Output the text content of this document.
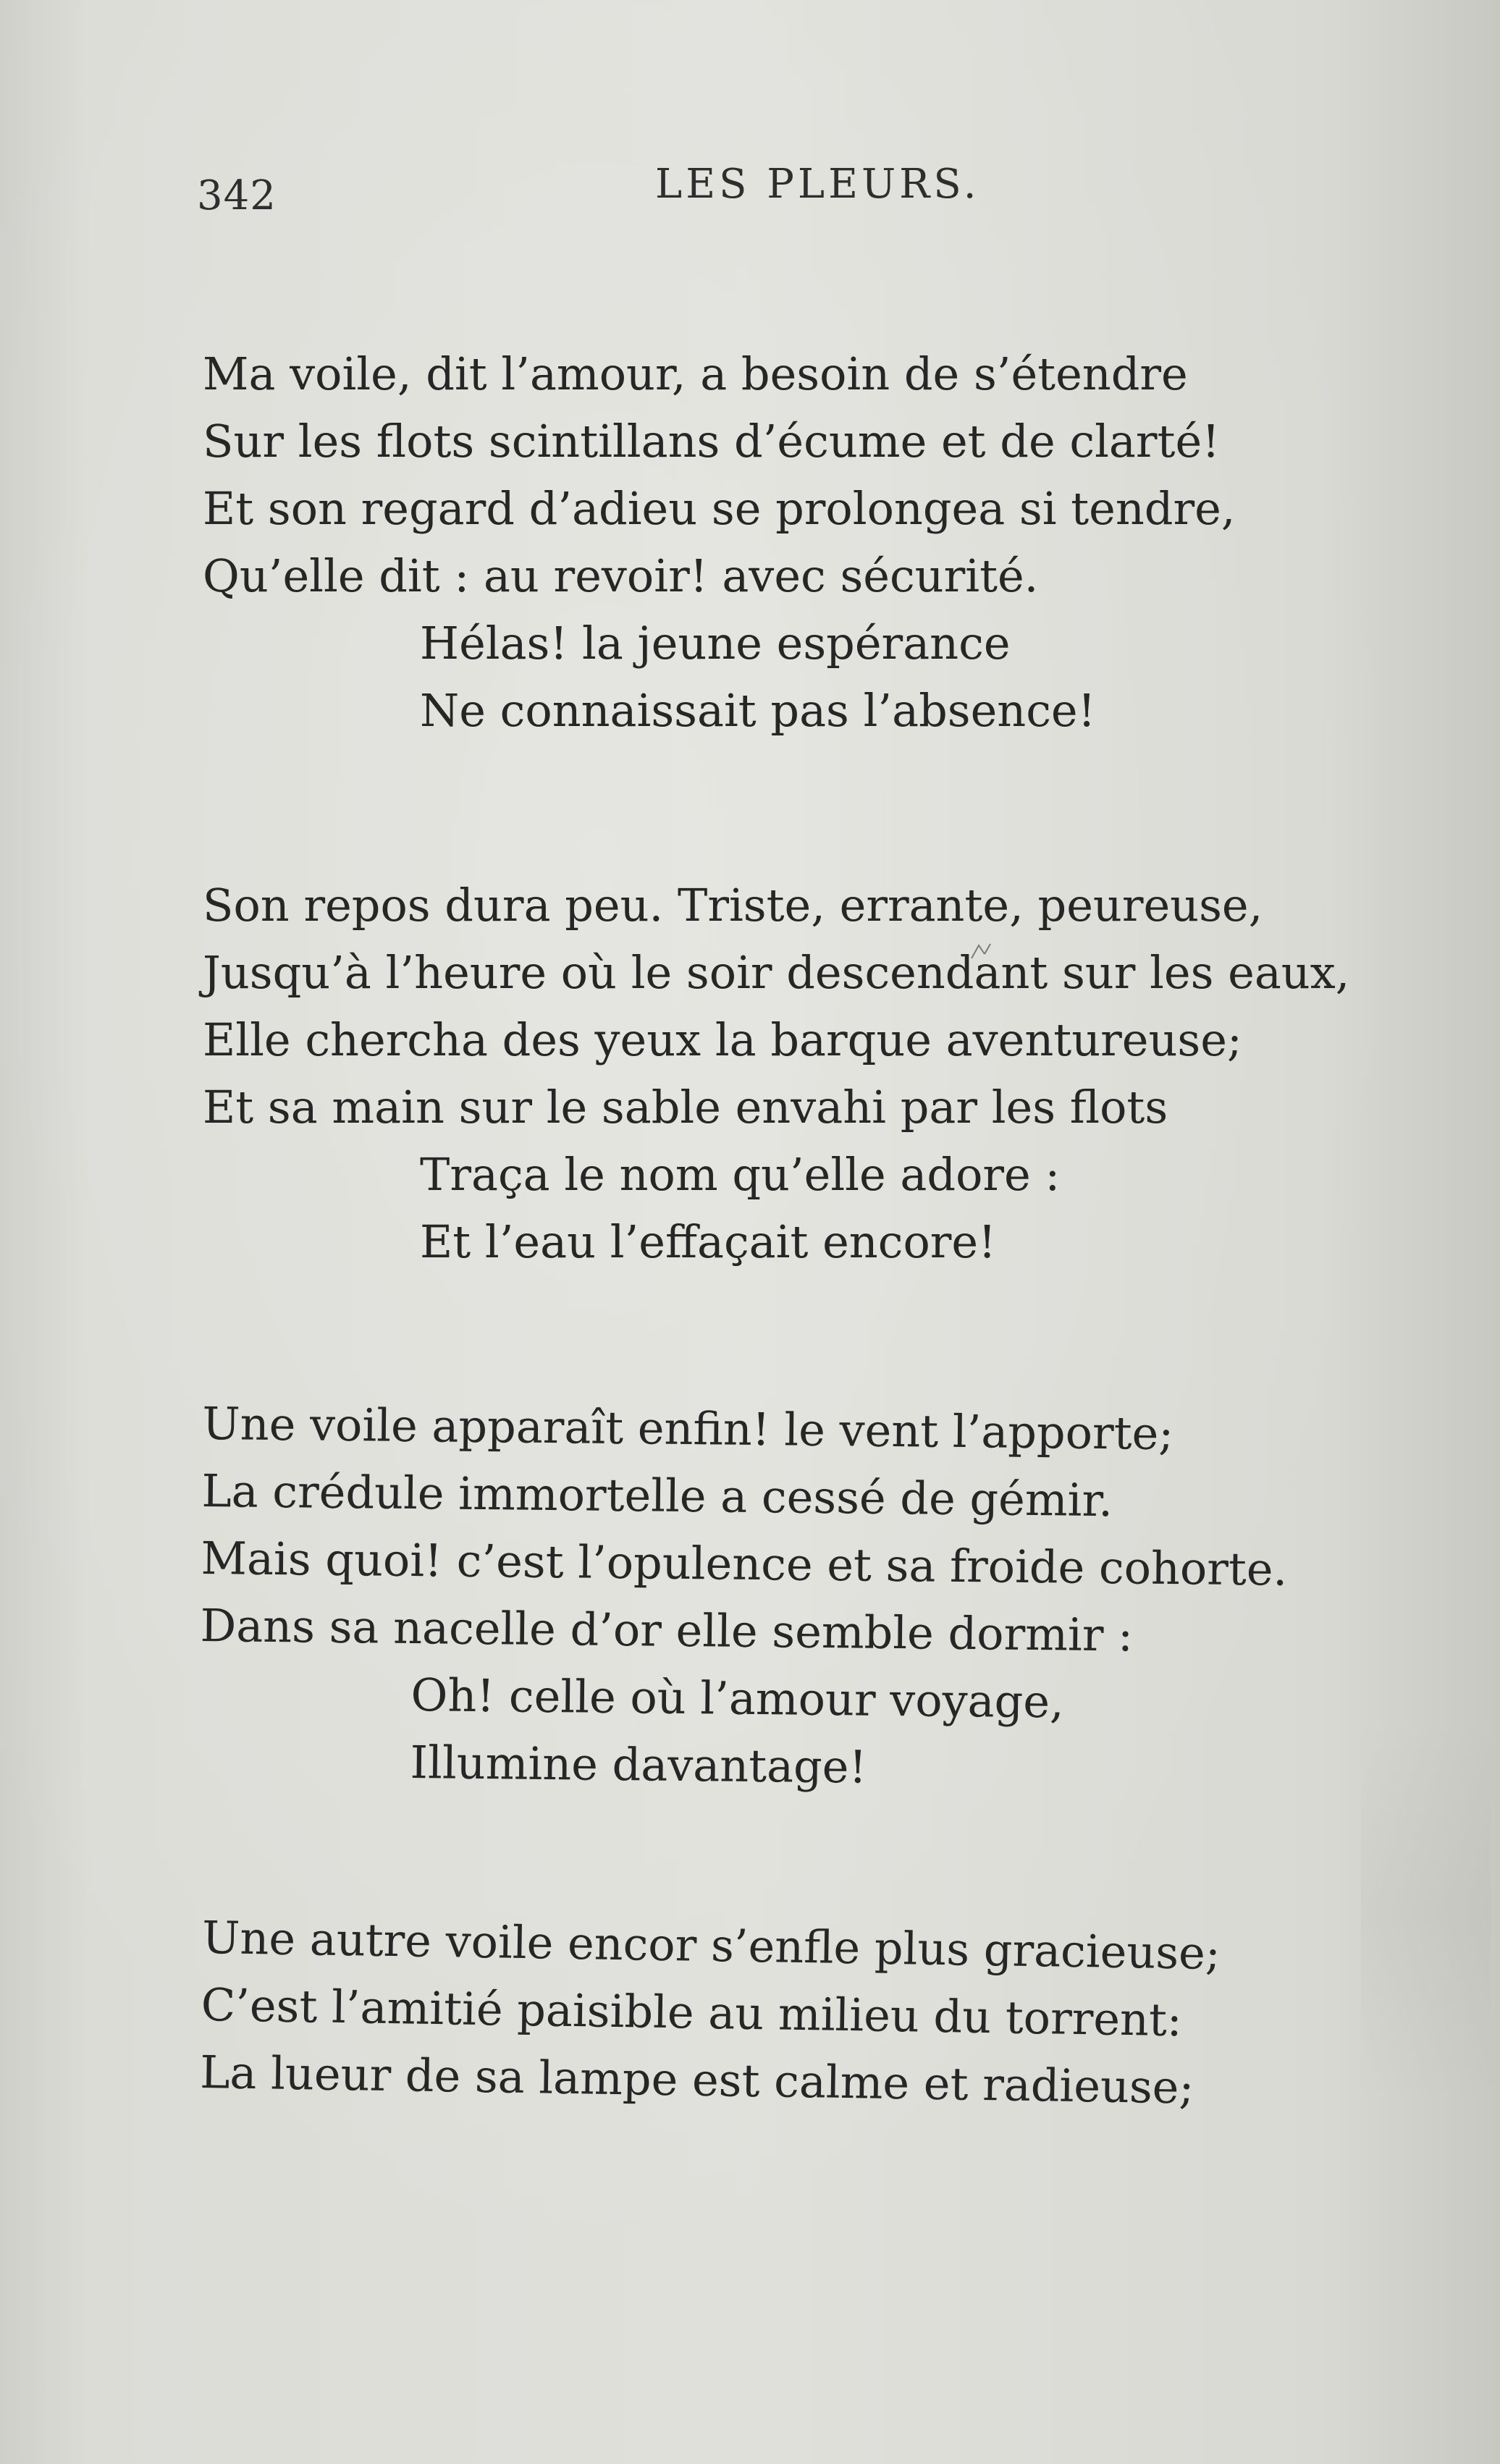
342	LES PLEURS.
Ma voile, dit l’amour, a besoin de s’étendre
Sur les flots scintillans d’écume et de clarté!
Et son regard d’adieu se prolongea si tendre,
Qu’elle dit : au revoir! avec sécurité.
Hélas! la jeune espérance
Ne connaissait pas l’absence!
Son repos dura peu. Triste, errante, peureuse,
Jusqu’à l’heure où le soir descendant sur les eaux,
Elle chercha des yeux la barque aventureuse;
Et sa main sur le sable envahi par les flots
Traça le nom qu’elle adore :
Et l’eau l’effaçait encore!
Une voile apparaît enfin! le vent l’apporte;
La crédule immortelle a cessé de gémir.
Mais quoi! c’est l’opulence et sa froide cohorte.
Dans sa nacelle d’or elle semble dormir :
Oh! celle où l’amour voyage,
Illumine davantage!
Une autre voile encor s’enfle plus gracieuse;
C’est l’amitié paisible au milieu du torrent:
La lueur de sa lampe est calme et radieuse;
